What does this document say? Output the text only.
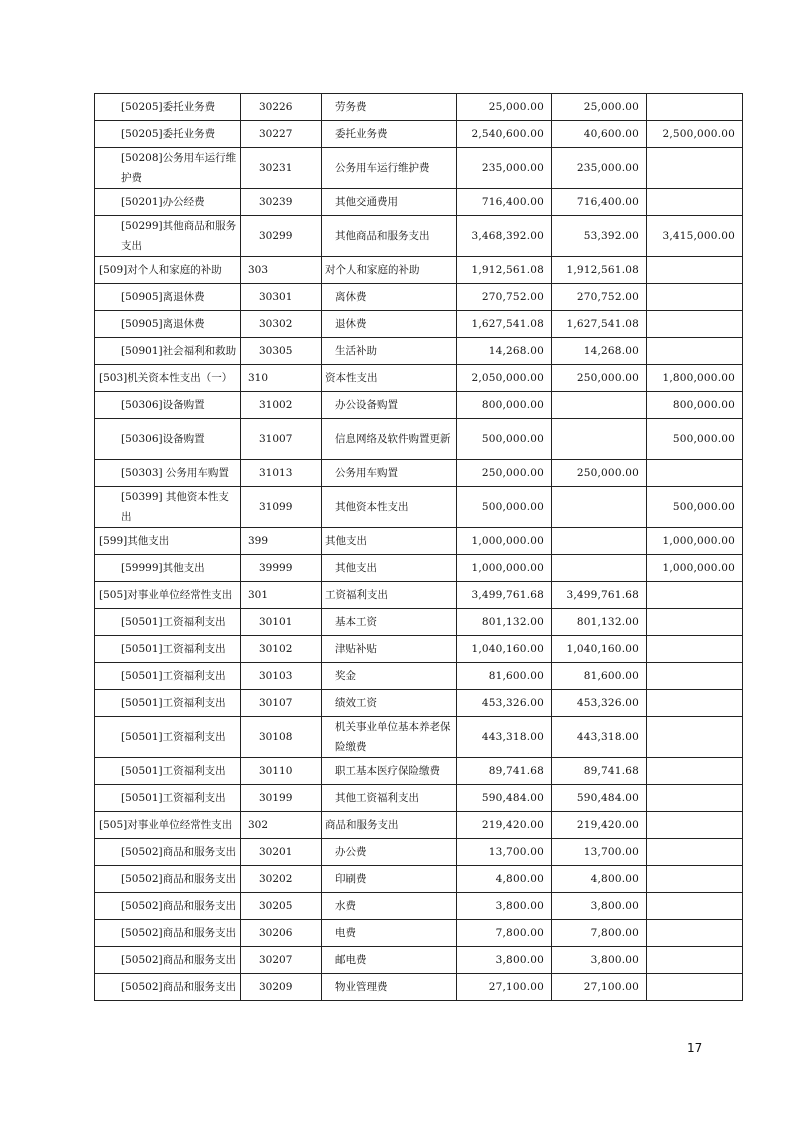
[50205]委托业务费	30226	劳务费	25,000.00	25,000.00	
[50205]委托业务费	30227	委托业务费	2,540,600.00	40,600.00	2,500,000.00
[50208]公务用车运行维护费	30231	公务用车运行维护费	235,000.00	235,000.00	
[50201]办公经费	30239	其他交通费用	716,400.00	716,400.00	
[50299]其他商品和服务支出	30299	其他商品和服务支出	3,468,392.00	53,392.00	3,415,000.00
[509]对个人和家庭的补助	303	对个人和家庭的补助	1,912,561.08	1,912,561.08	
[50905]离退休费	30301	离休费	270,752.00	270,752.00	
[50905]离退休费	30302	退休费	1,627,541.08	1,627,541.08	
[50901]社会福利和救助	30305	生活补助	14,268.00	14,268.00	
[503]机关资本性支出（一）	310	资本性支出	2,050,000.00	250,000.00	1,800,000.00
[50306]设备购置	31002	办公设备购置	800,000.00		800,000.00
[50306]设备购置	31007	信息网络及软件购置更新	500,000.00		500,000.00
[50303] 公务用车购置	31013	公务用车购置	250,000.00	250,000.00	
[50399] 其他资本性支出	31099	其他资本性支出	500,000.00		500,000.00
[599]其他支出	399	其他支出	1,000,000.00		1,000,000.00
[59999]其他支出	39999	其他支出	1,000,000.00		1,000,000.00
[505]对事业单位经常性支出	301	工资福利支出	3,499,761.68	3,499,761.68	
[50501]工资福利支出	30101	基本工资	801,132.00	801,132.00	
[50501]工资福利支出	30102	津贴补贴	1,040,160.00	1,040,160.00	
[50501]工资福利支出	30103	奖金	81,600.00	81,600.00	
[50501]工资福利支出	30107	绩效工资	453,326.00	453,326.00	
[50501]工资福利支出	30108	机关事业单位基本养老保险缴费	443,318.00	443,318.00	
[50501]工资福利支出	30110	职工基本医疗保险缴费	89,741.68	89,741.68	
[50501]工资福利支出	30199	其他工资福利支出	590,484.00	590,484.00	
[505]对事业单位经常性支出	302	商品和服务支出	219,420.00	219,420.00	
[50502]商品和服务支出	30201	办公费	13,700.00	13,700.00	
[50502]商品和服务支出	30202	印刷费	4,800.00	4,800.00	
[50502]商品和服务支出	30205	水费	3,800.00	3,800.00	
[50502]商品和服务支出	30206	电费	7,800.00	7,800.00	
[50502]商品和服务支出	30207	邮电费	3,800.00	3,800.00	
[50502]商品和服务支出	30209	物业管理费	27,100.00	27,100.00	
17
